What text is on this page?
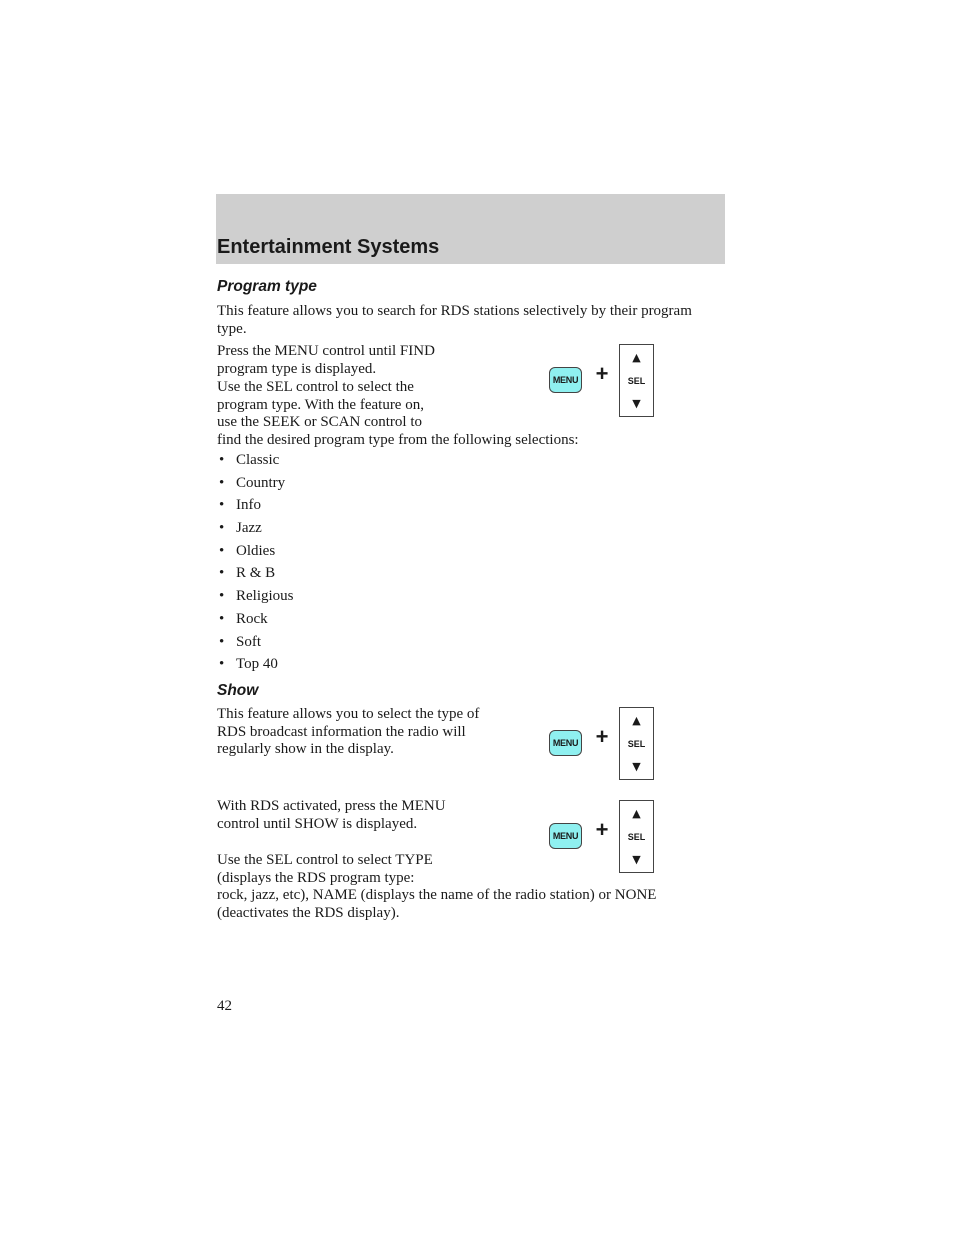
Entertainment Systems
Program type
This feature allows you to search for RDS stations selectively by their program type.
Press the MENU control until FIND program type is displayed.
Use the SEL control to select the
program type. With the feature on,
use the SEEK or SCAN control to
find the desired program type from the following selections:
• Classic
• Country
• Info
• Jazz
• Oldies
• R & B
• Religious
• Rock
• Soft
• Top 40
Show
This feature allows you to select the type of RDS broadcast information the radio will regularly show in the display.
With RDS activated, press the MENU control until SHOW is displayed.
Use the SEL control to select TYPE
(displays the RDS program type:
rock, jazz, etc), NAME (displays the name of the radio station) or NONE
(deactivates the RDS display).
MENU +
▲
SEL
▼
MENU +
▲
SEL
▼
MENU +
▲
SEL
▼
42
